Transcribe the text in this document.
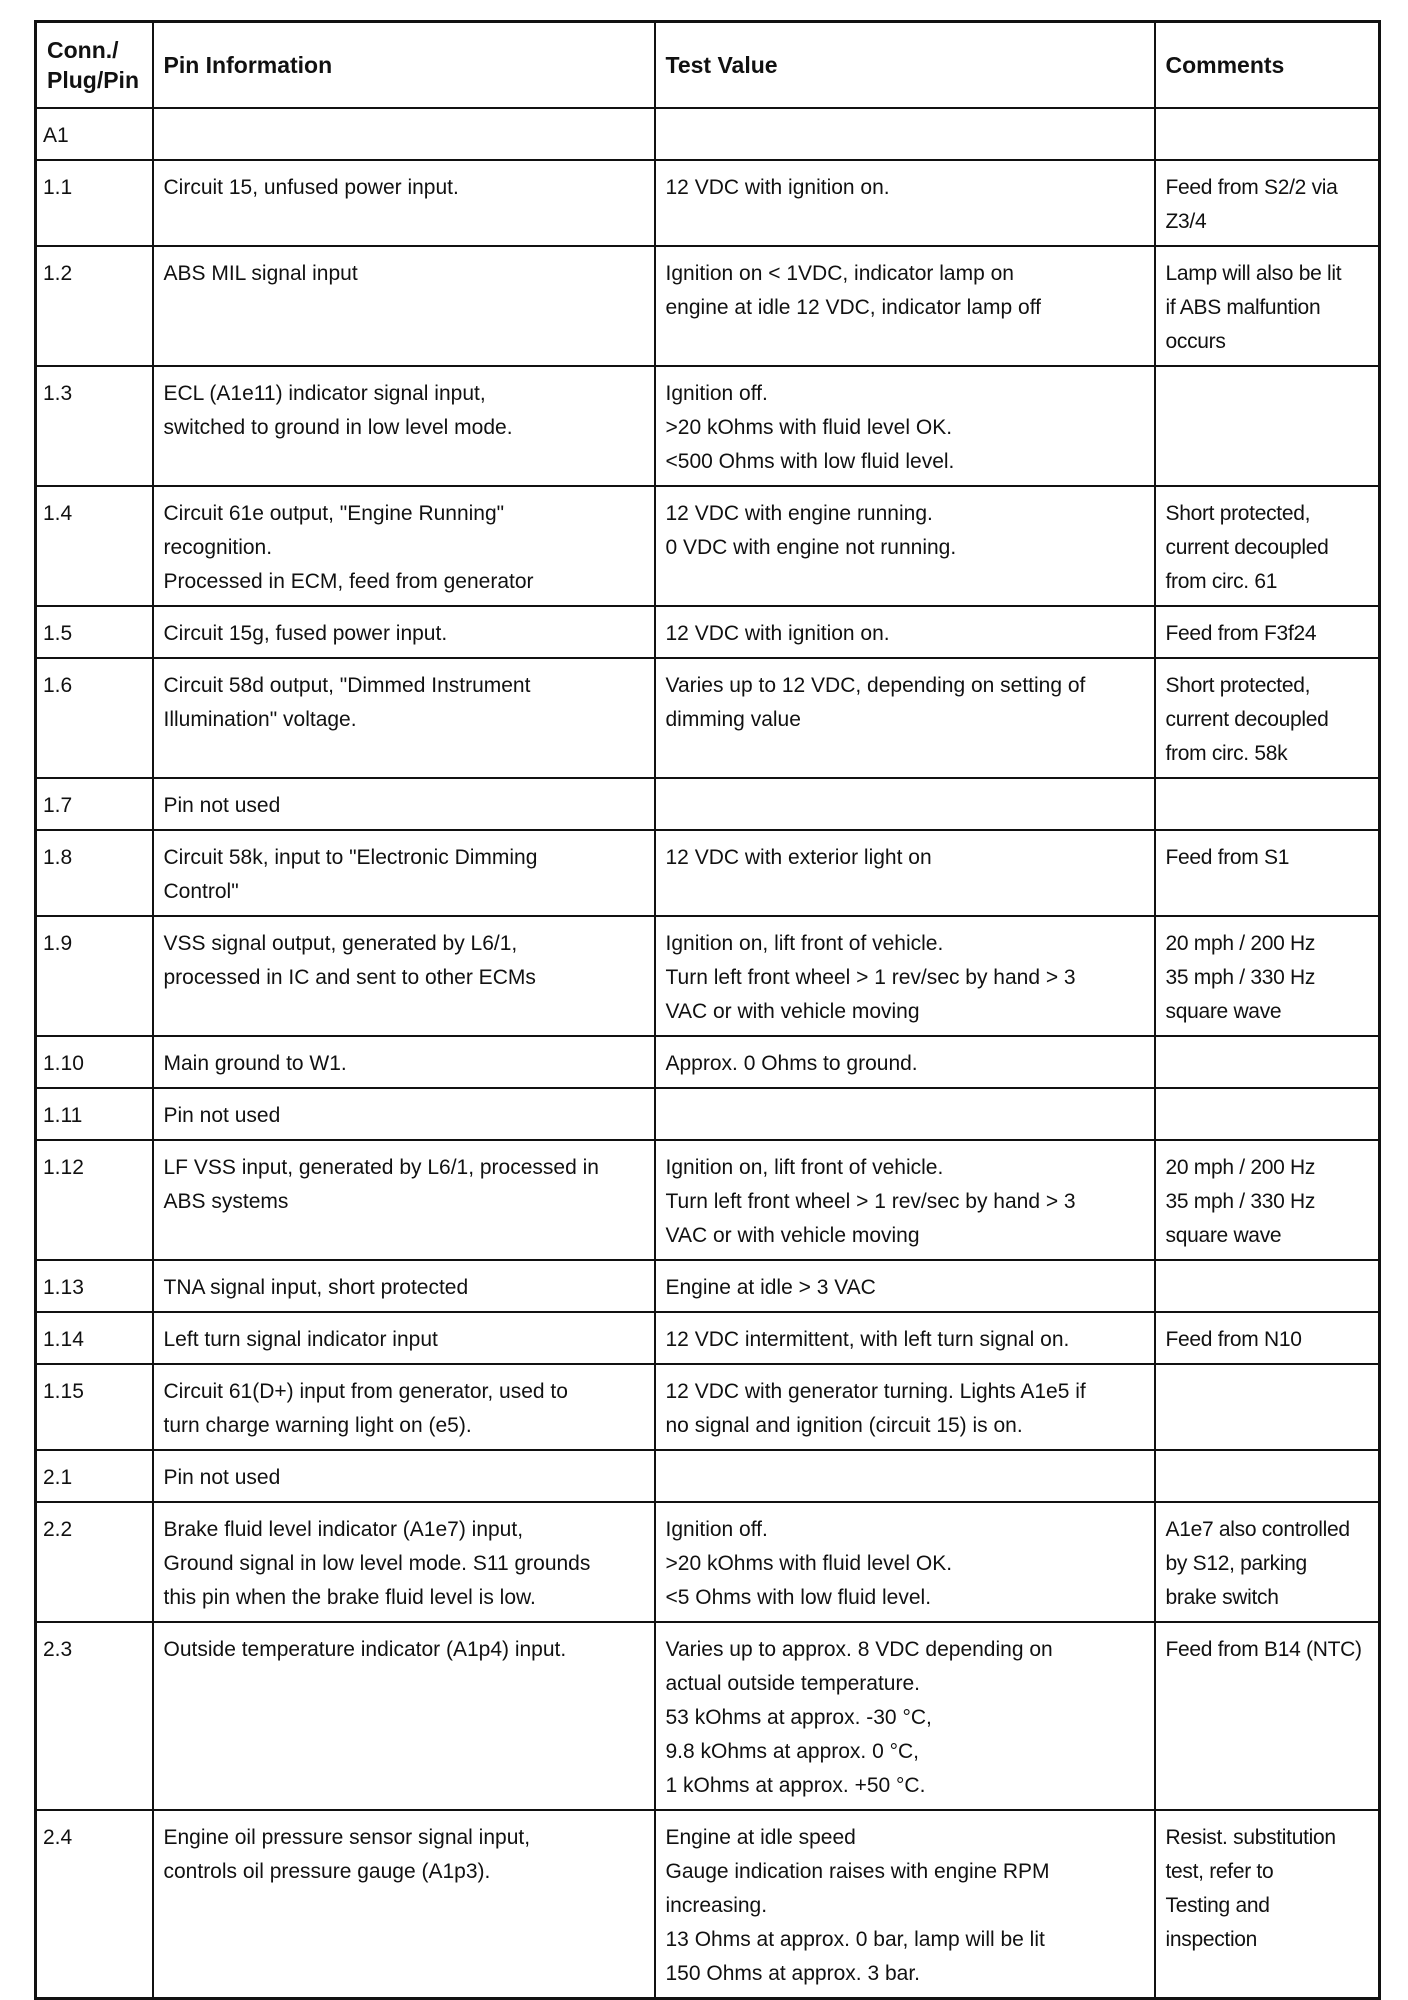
Conn./
Plug/Pin	Pin Information	Test Value	Comments
A1			
1.1	Circuit 15, unfused power input.	12 VDC with ignition on.	Feed from S2/2 via
Z3/4

1.2	ABS MIL signal input	Ignition on < 1VDC, indicator lamp on
engine at idle 12 VDC, indicator lamp off	Lamp will also be lit
if ABS malfuntion
occurs

1.3	ECL (A1e11) indicator signal input,
switched to ground in low level mode.	Ignition off.
>20 kOhms with fluid level OK.
<500 Ohms with low fluid level.	

1.4	Circuit 61e output, "Engine Running"
recognition.
Processed in ECM, feed from generator	12 VDC with engine running.
0 VDC with engine not running.	Short protected,
current decoupled
from circ. 61

1.5	Circuit 15g, fused power input.	12 VDC with ignition on.	Feed from F3f24

1.6	Circuit 58d output, "Dimmed Instrument
Illumination" voltage.	Varies up to 12 VDC, depending on setting of
dimming value	Short protected,
current decoupled
from circ. 58k

1.7	Pin not used		

1.8	Circuit 58k, input to "Electronic Dimming
Control"	12 VDC with exterior light on	Feed from S1

1.9	VSS signal output, generated by L6/1,
processed in IC and sent to other ECMs	Ignition on, lift front of vehicle.
Turn left front wheel > 1 rev/sec by hand > 3
VAC or with vehicle moving	20 mph / 200 Hz
35 mph / 330 Hz
square wave

1.10	Main ground to W1.	Approx. 0 Ohms to ground.	

1.11	Pin not used		

1.12	LF VSS input, generated by L6/1, processed in
ABS systems	Ignition on, lift front of vehicle.
Turn left front wheel > 1 rev/sec by hand > 3
VAC or with vehicle moving	20 mph / 200 Hz
35 mph / 330 Hz
square wave

1.13	TNA signal input, short protected	Engine at idle > 3 VAC	

1.14	Left turn signal indicator input	12 VDC intermittent, with left turn signal on.	Feed from N10

1.15	Circuit 61(D+) input from generator, used to
turn charge warning light on (e5).	12 VDC with generator turning. Lights A1e5 if
no signal and ignition (circuit 15) is on.	

2.1	Pin not used		

2.2	Brake fluid level indicator (A1e7) input,
Ground signal in low level mode. S11 grounds
this pin when the brake fluid level is low.	Ignition off.
>20 kOhms with fluid level OK.
<5 Ohms with low fluid level.	A1e7 also controlled
by S12, parking
brake switch

2.3	Outside temperature indicator (A1p4) input.	Varies up to approx. 8 VDC depending on
actual outside temperature.
53 kOhms at approx. -30 °C,
9.8 kOhms at approx. 0 °C,
1 kOhms at approx. +50 °C.	Feed from B14 (NTC)

2.4	Engine oil pressure sensor signal input,
controls oil pressure gauge (A1p3).	Engine at idle speed
Gauge indication raises with engine RPM
increasing.
13 Ohms at approx. 0 bar, lamp will be lit
150 Ohms at approx. 3 bar.	Resist. substitution
test, refer to
Testing and
inspection
